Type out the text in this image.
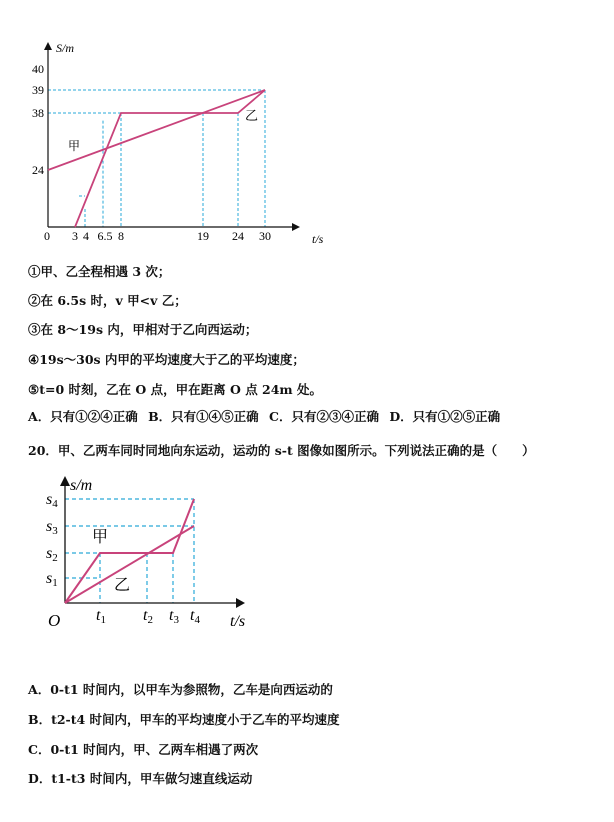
甲
乙
0 3 4 6.5 8	19 24 30
40
39
38
24
t/s
S/m
①甲、乙全程相遇 3 次；
②在 6.5s 时，v 甲<v 乙；
③在 8～19s 内，甲相对于乙向西运动；
④19s～30s 内甲的平均速度大于乙的平均速度；
⑤t=0 时刻，乙在 O 点，甲在距离 O 点 24m 处。
A．只有①②④正确 B．只有①④⑤正确 C．只有②③④正确 D．只有①②⑤正确
20．甲、乙两车同时同地向东运动，运动的 s-t 图像如图所示。下列说法正确的是（　　）
甲
乙
O t1 t2 t3 t4
s1
s2
s3
s4
t/s
s/m
A．0-t1 时间内，以甲车为参照物，乙车是向西运动的
B．t2-t4 时间内，甲车的平均速度小于乙车的平均速度
C．0-t1 时间内，甲、乙两车相遇了两次
D．t1-t3 时间内，甲车做匀速直线运动
